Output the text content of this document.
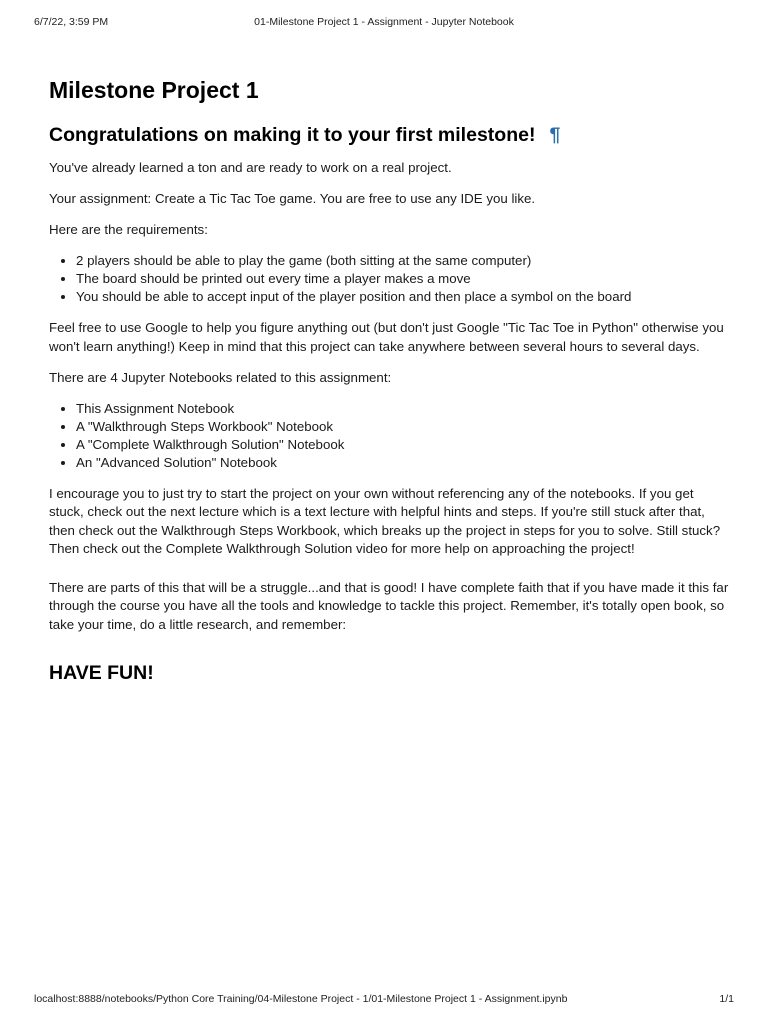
6/7/22, 3:59 PM	01-Milestone Project 1 - Assignment - Jupyter Notebook
Milestone Project 1
Congratulations on making it to your first milestone! ¶

You've already learned a ton and are ready to work on a real project.

Your assignment: Create a Tic Tac Toe game. You are free to use any IDE you like.

Here are the requirements:

• 2 players should be able to play the game (both sitting at the same computer)
• The board should be printed out every time a player makes a move
• You should be able to accept input of the player position and then place a symbol on the board

Feel free to use Google to help you figure anything out (but don't just Google "Tic Tac Toe in Python" otherwise you won't learn anything!) Keep in mind that this project can take anywhere between several hours to several days.

There are 4 Jupyter Notebooks related to this assignment:

• This Assignment Notebook
• A "Walkthrough Steps Workbook" Notebook
• A "Complete Walkthrough Solution" Notebook
• An "Advanced Solution" Notebook

I encourage you to just try to start the project on your own without referencing any of the notebooks. If you get stuck, check out the next lecture which is a text lecture with helpful hints and steps. If you're still stuck after that, then check out the Walkthrough Steps Workbook, which breaks up the project in steps for you to solve. Still stuck? Then check out the Complete Walkthrough Solution video for more help on approaching the project!

There are parts of this that will be a struggle...and that is good! I have complete faith that if you have made it this far through the course you have all the tools and knowledge to tackle this project. Remember, it's totally open book, so take your time, do a little research, and remember:

HAVE FUN!
localhost:8888/notebooks/Python Core Training/04-Milestone Project - 1/01-Milestone Project 1 - Assignment.ipynb	1/1
